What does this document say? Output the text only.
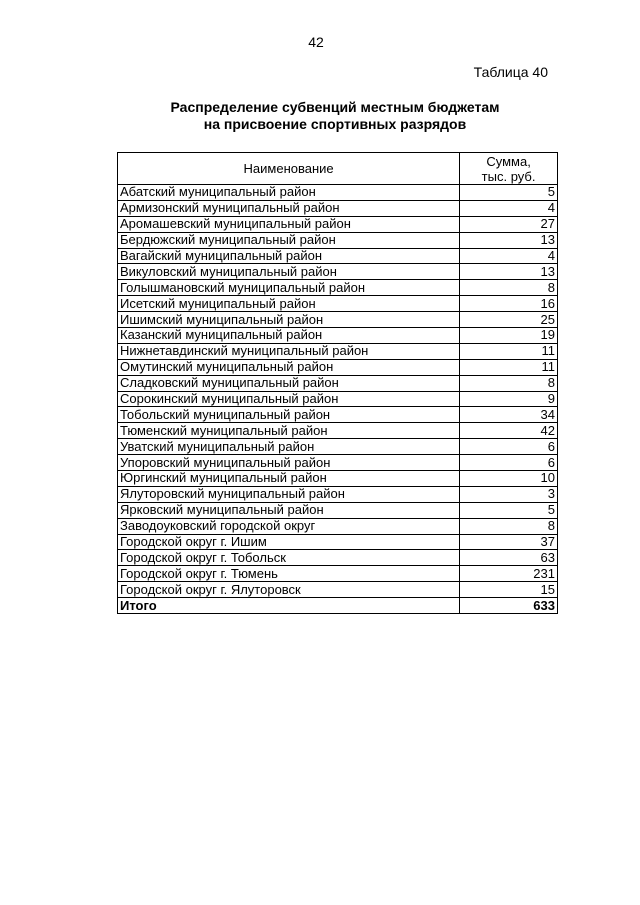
42
Таблица 40
Распределение субвенций местным бюджетам
на присвоение спортивных разрядов
Наименование	Сумма,
тыс. руб.

Абатский муниципальный район	5
Армизонский муниципальный район	4
Аромашевский муниципальный район	27
Бердюжский муниципальный район	13
Вагайский муниципальный район	4
Викуловский муниципальный район	13
Голышмановский муниципальный район	8
Исетский муниципальный район	16
Ишимский муниципальный район	25
Казанский муниципальный район	19
Нижнетавдинский муниципальный район	11
Омутинский муниципальный район	11
Сладковский муниципальный район	8
Сорокинский муниципальный район	9
Тобольский муниципальный район	34
Тюменский муниципальный район	42
Уватский муниципальный район	6
Упоровский муниципальный район	6
Юргинский муниципальный район	10
Ялуторовский муниципальный район	3
Ярковский муниципальный район	5
Заводоуковский городской округ	8
Городской округ г. Ишим	37
Городской округ г. Тобольск	63
Городской округ г. Тюмень	231
Городской округ г. Ялуторовск	15
Итого	633
